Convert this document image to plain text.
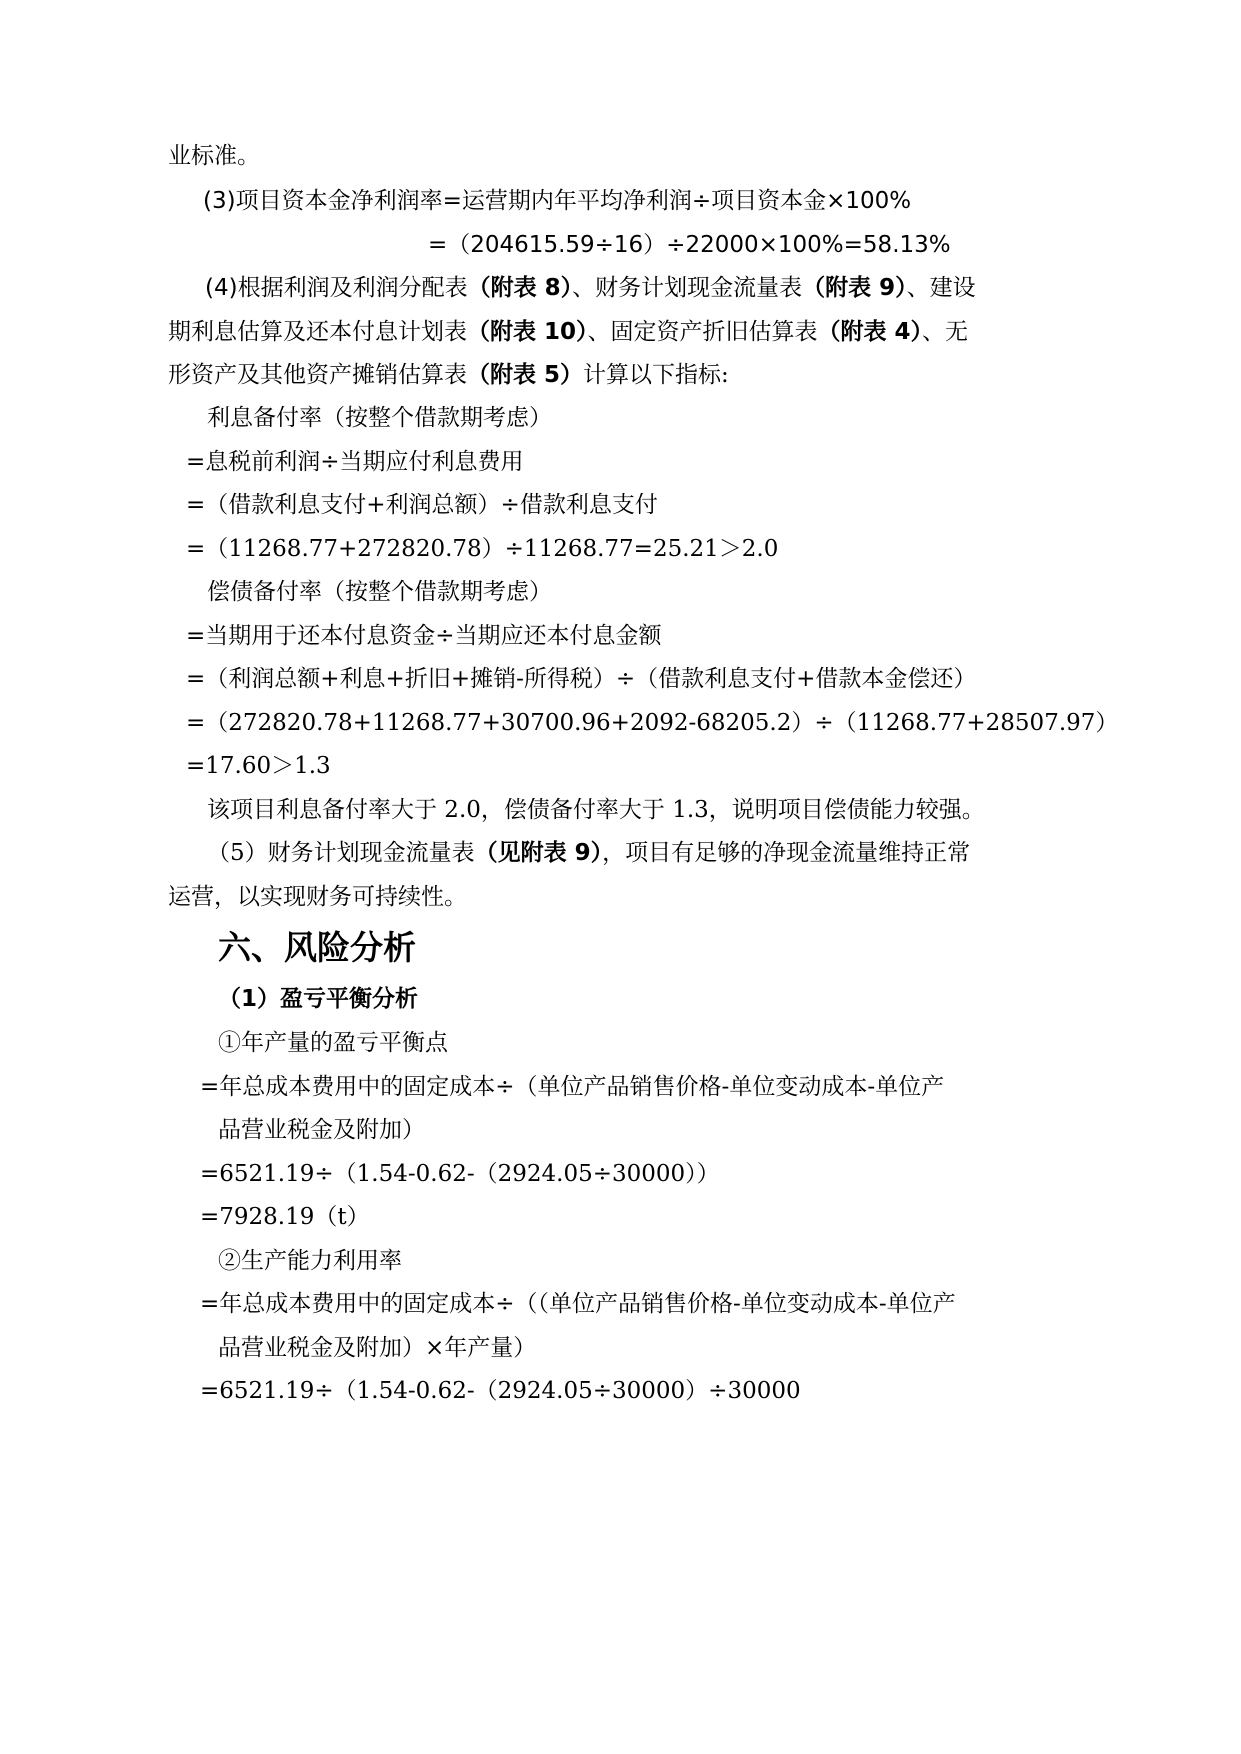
业标准。

(3)项目资本金净利润率=运营期内年平均净利润÷项目资本金×100%

=（204615.59÷16）÷22000×100%=58.13%

(4)根据利润及利润分配表（附表 8）、财务计划现金流量表（附表 9）、建设

期利息估算及还本付息计划表（附表 10）、固定资产折旧估算表（附表 4）、无

形资产及其他资产摊销估算表（附表 5）计算以下指标:

利息备付率（按整个借款期考虑）

=息税前利润÷当期应付利息费用

=（借款利息支付+利润总额）÷借款利息支付

=（11268.77+272820.78）÷11268.77=25.21＞2.0

偿债备付率（按整个借款期考虑）

=当期用于还本付息资金÷当期应还本付息金额

=（利润总额+利息+折旧+摊销-所得税）÷（借款利息支付+借款本金偿还）

=（272820.78+11268.77+30700.96+2092-68205.2）÷（11268.77+28507.97）

=17.60＞1.3

该项目利息备付率大于 2.0，偿债备付率大于 1.3，说明项目偿债能力较强。

（5）财务计划现金流量表（见附表 9），项目有足够的净现金流量维持正常

运营，以实现财务可持续性。

六、风险分析
（1）盈亏平衡分析

①年产量的盈亏平衡点

=年总成本费用中的固定成本÷（单位产品销售价格-单位变动成本-单位产

品营业税金及附加）

=6521.19÷（1.54-0.62-（2924.05÷30000））

=7928.19（t）

②生产能力利用率

=年总成本费用中的固定成本÷（（单位产品销售价格-单位变动成本-单位产

品营业税金及附加）×年产量）

=6521.19÷（1.54-0.62-（2924.05÷30000）÷30000
